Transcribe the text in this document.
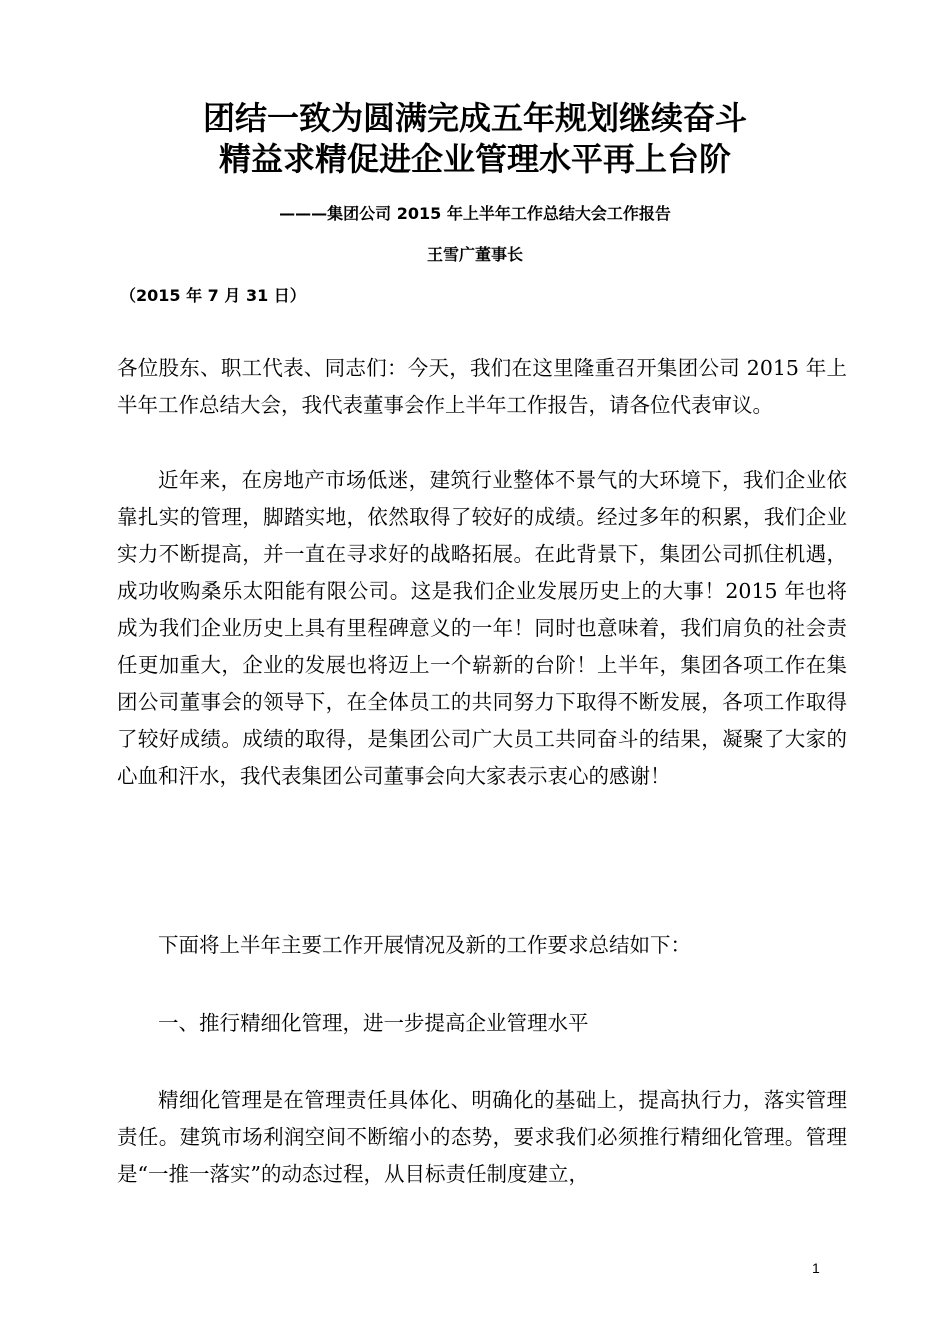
团结一致为圆满完成五年规划继续奋斗
精益求精促进企业管理水平再上台阶
———集团公司 2015 年上半年工作总结大会工作报告
王雪广董事长
（2015 年 7 月 31 日）

各位股东、职工代表、同志们：今天，我们在这里隆重召开集团公司 2015 年上半年工作总结大会，我代表董事会作上半年工作报告，请各位代表审议。

近年来，在房地产市场低迷，建筑行业整体不景气的大环境下，我们企业依靠扎实的管理，脚踏实地，依然取得了较好的成绩。经过多年的积累，我们企业实力不断提高，并一直在寻求好的战略拓展。在此背景下，集团公司抓住机遇，成功收购桑乐太阳能有限公司。这是我们企业发展历史上的大事！2015 年也将成为我们企业历史上具有里程碑意义的一年！同时也意味着，我们肩负的社会责任更加重大，企业的发展也将迈上一个崭新的台阶！上半年，集团各项工作在集团公司董事会的领导下，在全体员工的共同努力下取得不断发展，各项工作取得了较好成绩。成绩的取得，是集团公司广大员工共同奋斗的结果，凝聚了大家的心血和汗水，我代表集团公司董事会向大家表示衷心的感谢！

下面将上半年主要工作开展情况及新的工作要求总结如下：

一、推行精细化管理，进一步提高企业管理水平

精细化管理是在管理责任具体化、明确化的基础上，提高执行力，落实管理责任。建筑市场利润空间不断缩小的态势，要求我们必须推行精细化管理。管理是“一推一落实”的动态过程，从目标责任制度建立，

1
